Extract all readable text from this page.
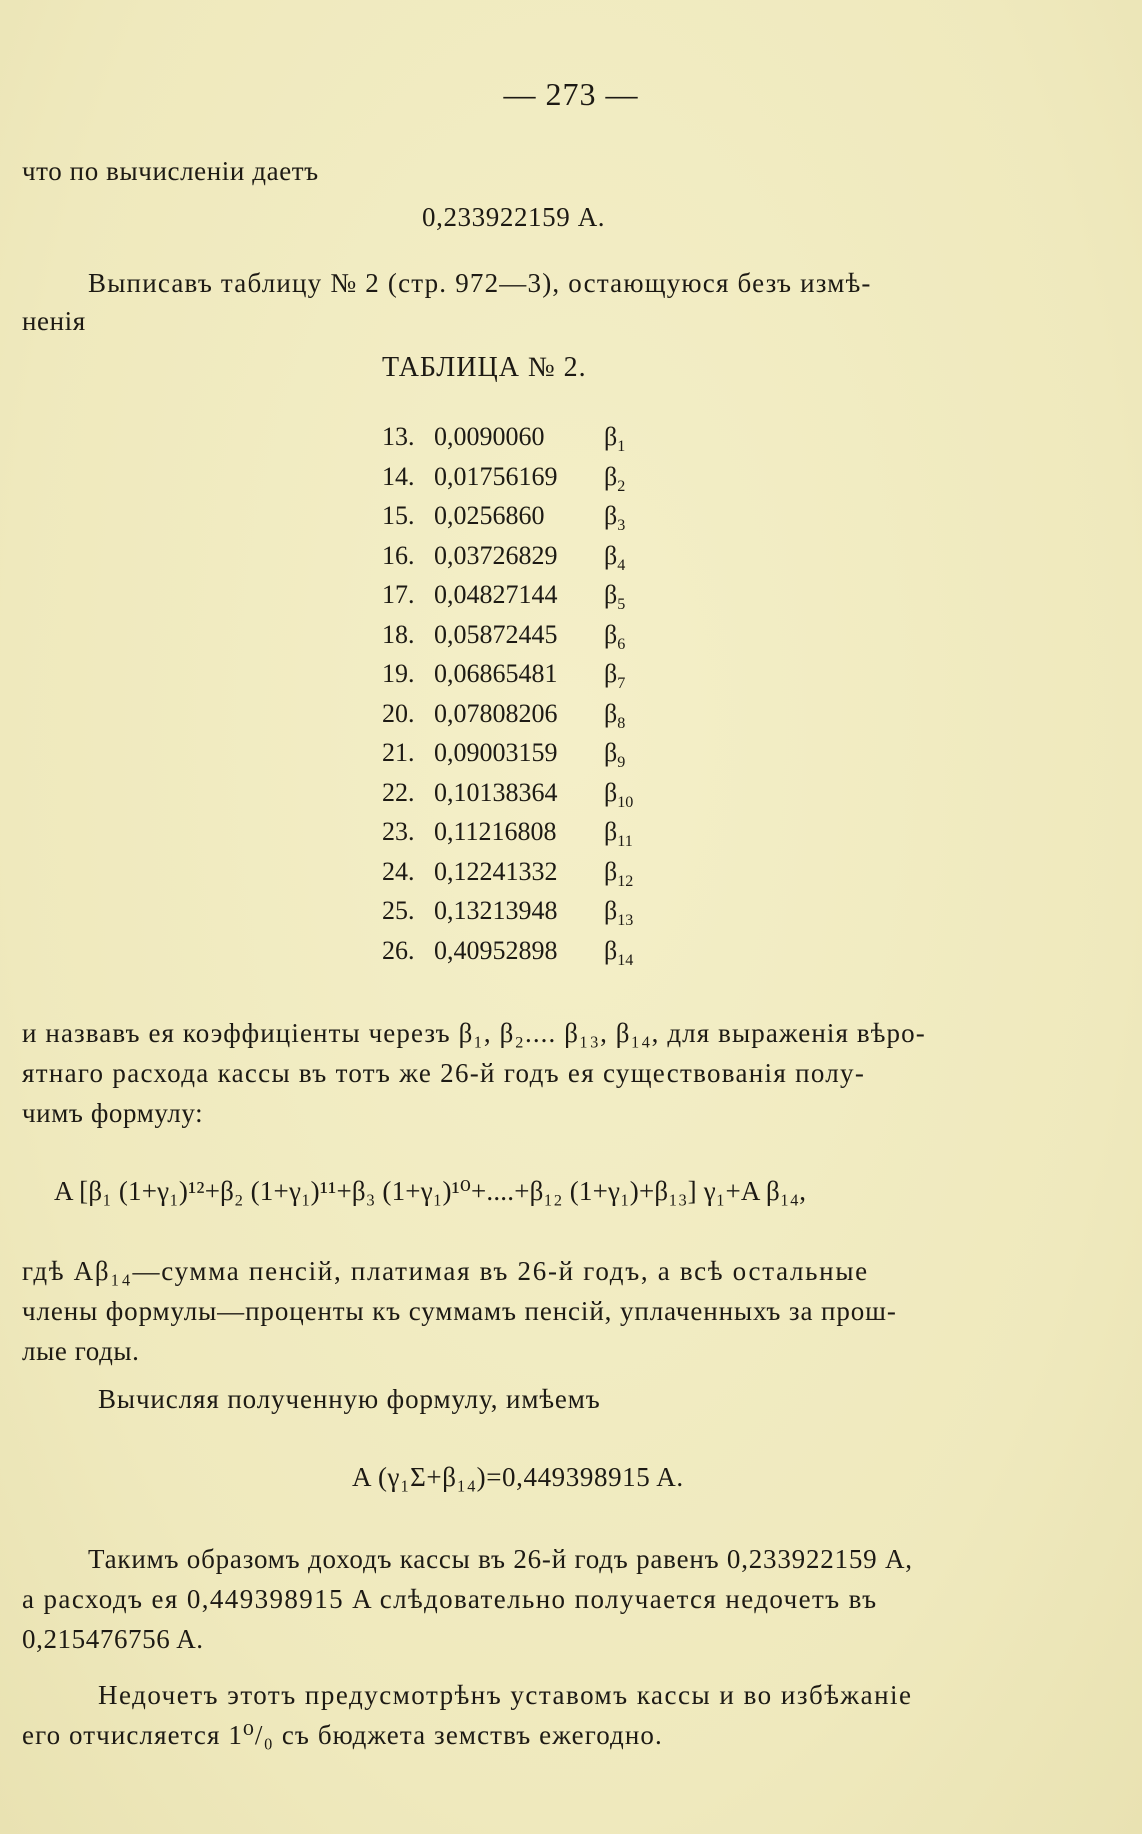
— 273 —
что по вычисленіи даетъ
0,233922159 А.
Выписавъ таблицу № 2 (стр. 972—3), остающуюся безъ измѣ-
ненія
ТАБЛИЦА № 2.
13. 0,0090060 $\beta_1$
14. 0,01756169 $\beta_2$
15. 0,0256860 $\beta_3$
16. 0,03726829 $\beta_4$
17. 0,04827144 $\beta_5$
18. 0,05872445 $\beta_6$
19. 0,06865481 $\beta_7$
20. 0,07808206 $\beta_8$
21. 0,09003159 $\beta_9$
22. 0,10138364 $\beta_{10}$
23. 0,11216808 $\beta_{11}$
24. 0,12241332 $\beta_{12}$
25. 0,13213948 $\beta_{13}$
26. 0,40952898 $\beta_{14}$
и назвавъ ея коэффиціенты черезъ β₁, β₂.... β₁₃, β₁₄, для выраженія вѣро-
ятнаго расхода кассы въ тотъ же 26-й годъ ея существованія полу-
чимъ формулу:
A [β₁ (1+γ₁)¹²+β₂ (1+γ₁)¹¹+β₃ (1+γ₁)¹⁰+....+β₁₂ (1+γ₁)+β₁₃] γ₁+A β₁₄,
гдѣ Aβ₁₄—сумма пенсій, платимая въ 26-й годъ, а всѣ остальные
члены формулы—проценты къ суммамъ пенсій, уплаченныхъ за прош-
лые годы.
Вычисляя полученную формулу, имѣемъ
A (γ₁Σ+β₁₄)=0,449398915 A.
Такимъ образомъ доходъ кассы въ 26-й годъ равенъ 0,233922159 A,
а расходъ ея 0,449398915 A слѣдовательно получается недочетъ въ
0,215476756 A.
Недочетъ этотъ предусмотрѣнъ уставомъ кассы и во избѣжаніе
его отчисляется 1⁰/₀ съ бюджета земствъ ежегодно.
